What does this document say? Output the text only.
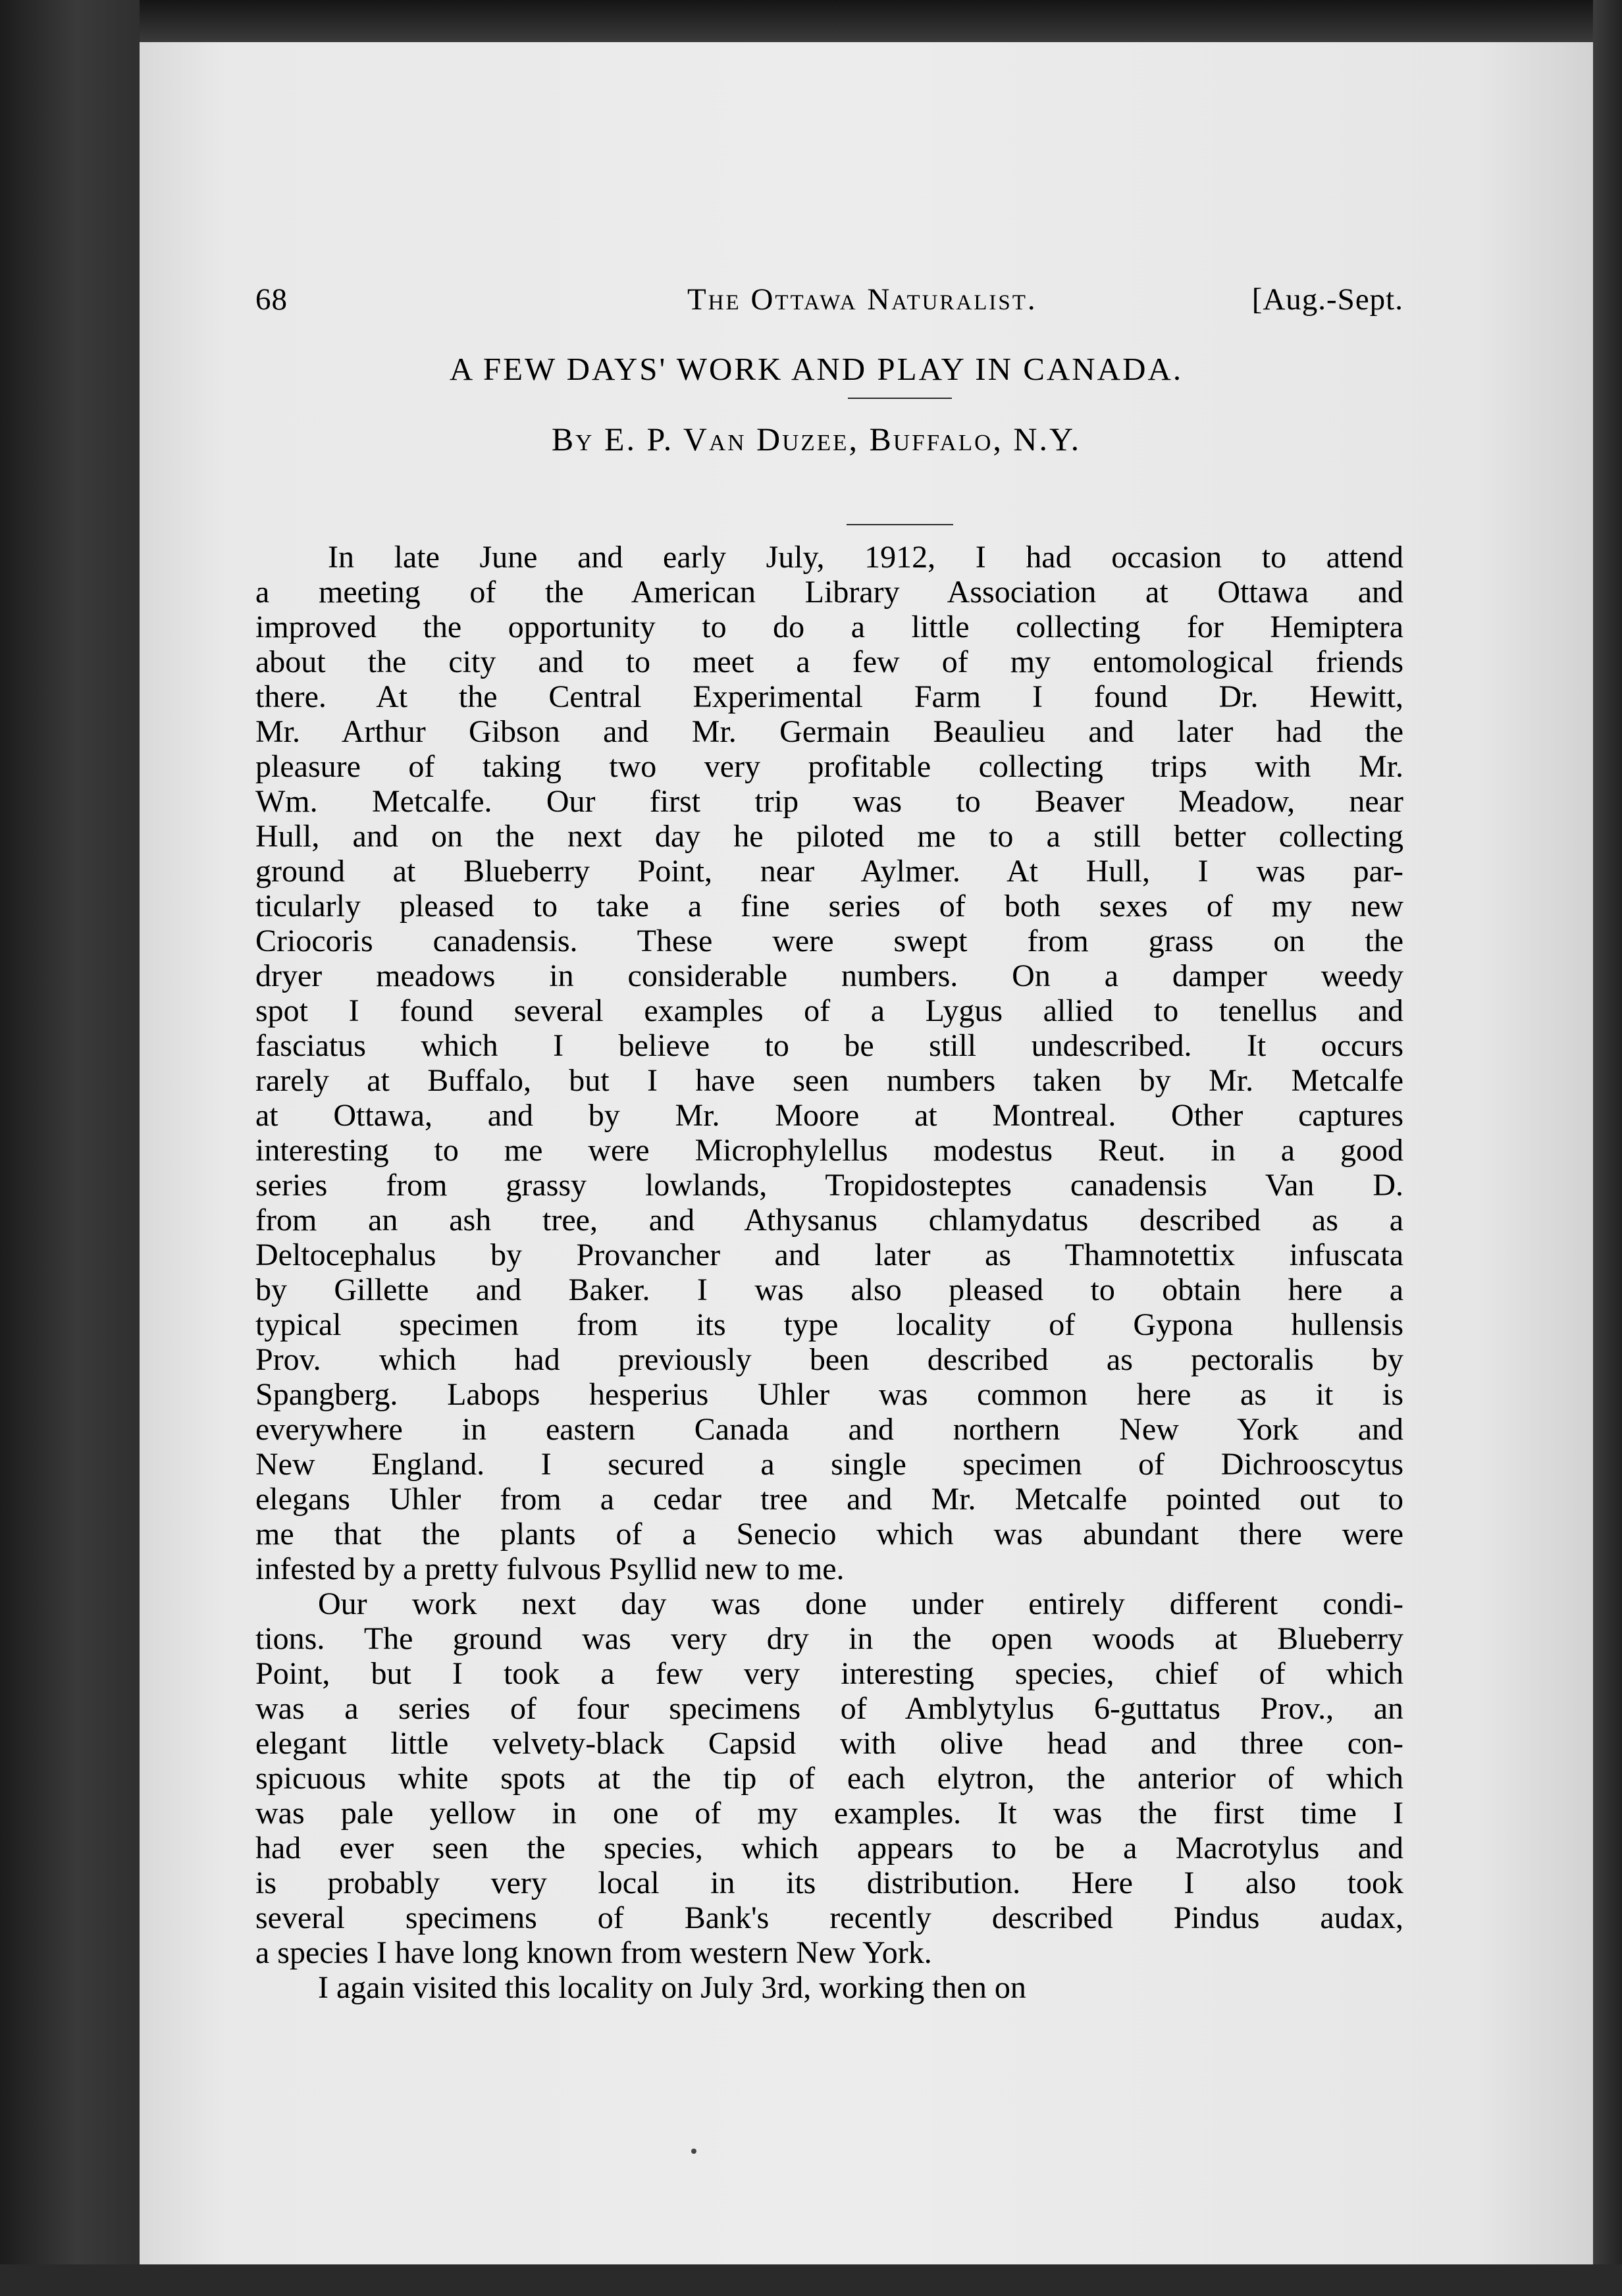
68	The Ottawa Naturalist.	[Aug.-Sept.
A FEW DAYS' WORK AND PLAY IN CANADA.
By E. P. Van Duzee, Buffalo, N.Y.
In late June and early July, 1912, I had occasion to attend
a meeting of the American Library Association at Ottawa and
improved the opportunity to do a little collecting for Hemiptera
about the city and to meet a few of my entomological friends
there. At the Central Experimental Farm I found Dr. Hewitt,
Mr. Arthur Gibson and Mr. Germain Beaulieu and later had the
pleasure of taking two very profitable collecting trips with Mr.
Wm. Metcalfe. Our first trip was to Beaver Meadow, near
Hull, and on the next day he piloted me to a still better collecting
ground at Blueberry Point, near Aylmer. At Hull, I was par-
ticularly pleased to take a fine series of both sexes of my new
Criocoris canadensis. These were swept from grass on the
dryer meadows in considerable numbers. On a damper weedy
spot I found several examples of a Lygus allied to tenellus and
fasciatus which I believe to be still undescribed. It occurs
rarely at Buffalo, but I have seen numbers taken by Mr. Metcalfe
at Ottawa, and by Mr. Moore at Montreal. Other captures
interesting to me were Microphylellus modestus Reut. in a good
series from grassy lowlands, Tropidosteptes canadensis Van D.
from an ash tree, and Athysanus chlamydatus described as a
Deltocephalus by Provancher and later as Thamnotettix infuscata
by Gillette and Baker. I was also pleased to obtain here a
typical specimen from its type locality of Gypona hullensis
Prov. which had previously been described as pectoralis by
Spangberg. Labops hesperius Uhler was common here as it is
everywhere in eastern Canada and northern New York and
New England. I secured a single specimen of Dichrooscytus
elegans Uhler from a cedar tree and Mr. Metcalfe pointed out to
me that the plants of a Senecio which was abundant there were
infested by a pretty fulvous Psyllid new to me.
Our work next day was done under entirely different condi-
tions. The ground was very dry in the open woods at Blueberry
Point, but I took a few very interesting species, chief of which
was a series of four specimens of Amblytylus 6-guttatus Prov., an
elegant little velvety-black Capsid with olive head and three con-
spicuous white spots at the tip of each elytron, the anterior of which
was pale yellow in one of my examples. It was the first time I
had ever seen the species, which appears to be a Macrotylus and
is probably very local in its distribution. Here I also took
several specimens of Bank's recently described Pindus audax,
a species I have long known from western New York.
I again visited this locality on July 3rd, working then on
